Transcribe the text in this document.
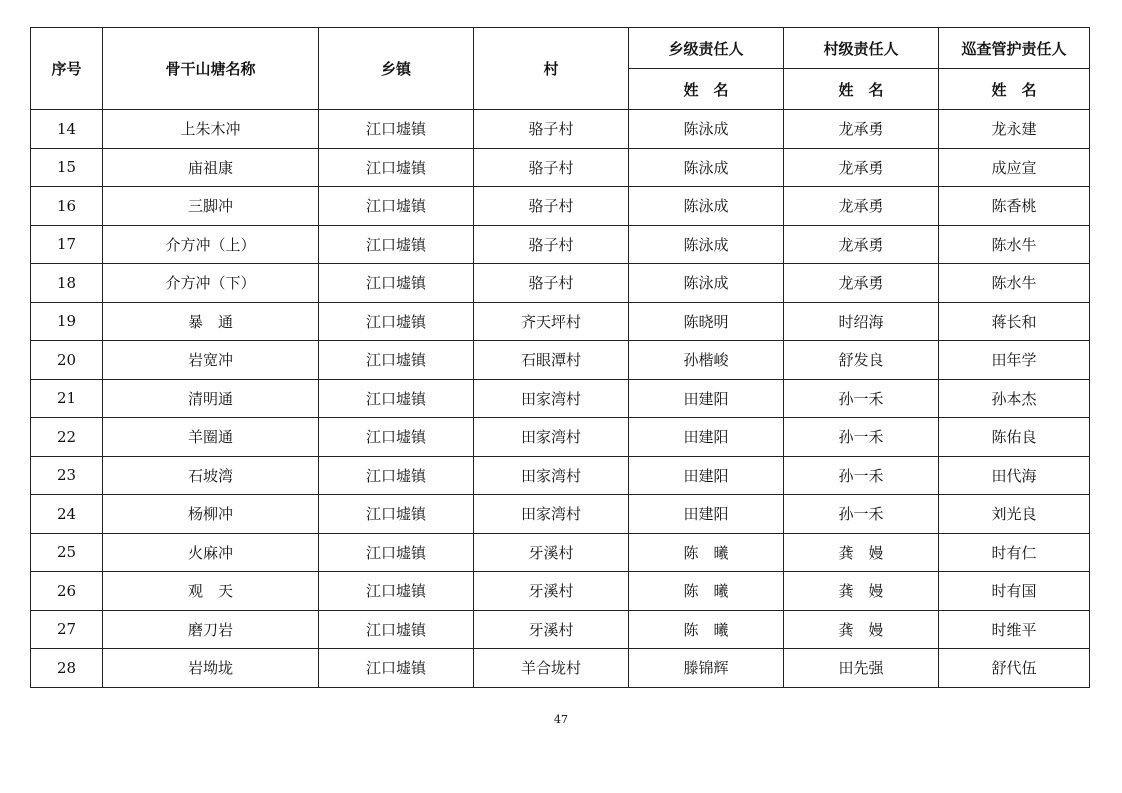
序号	骨干山塘名称	乡镇	村	乡级责任人	村级责任人	巡查管护责任人
				姓　名	姓　名	姓　名
14	上朱木冲	江口墟镇	骆子村	陈泳成	龙承勇	龙永建
15	庙祖康	江口墟镇	骆子村	陈泳成	龙承勇	成应宣
16	三脚冲	江口墟镇	骆子村	陈泳成	龙承勇	陈香桃
17	介方冲（上）	江口墟镇	骆子村	陈泳成	龙承勇	陈水牛
18	介方冲（下）	江口墟镇	骆子村	陈泳成	龙承勇	陈水牛
19	暴　通	江口墟镇	齐天坪村	陈晓明	时绍海	蒋长和
20	岩宽冲	江口墟镇	石眼潭村	孙楷峻	舒发良	田年学
21	清明通	江口墟镇	田家湾村	田建阳	孙一禾	孙本杰
22	羊圈通	江口墟镇	田家湾村	田建阳	孙一禾	陈佑良
23	石坡湾	江口墟镇	田家湾村	田建阳	孙一禾	田代海
24	杨柳冲	江口墟镇	田家湾村	田建阳	孙一禾	刘光良
25	火麻冲	江口墟镇	牙溪村	陈　曦	龚　嫚	时有仁
26	观　天	江口墟镇	牙溪村	陈　曦	龚　嫚	时有国
27	磨刀岩	江口墟镇	牙溪村	陈　曦	龚　嫚	时维平
28	岩坳垅	江口墟镇	羊合垅村	滕锦辉	田先强	舒代伍
47
